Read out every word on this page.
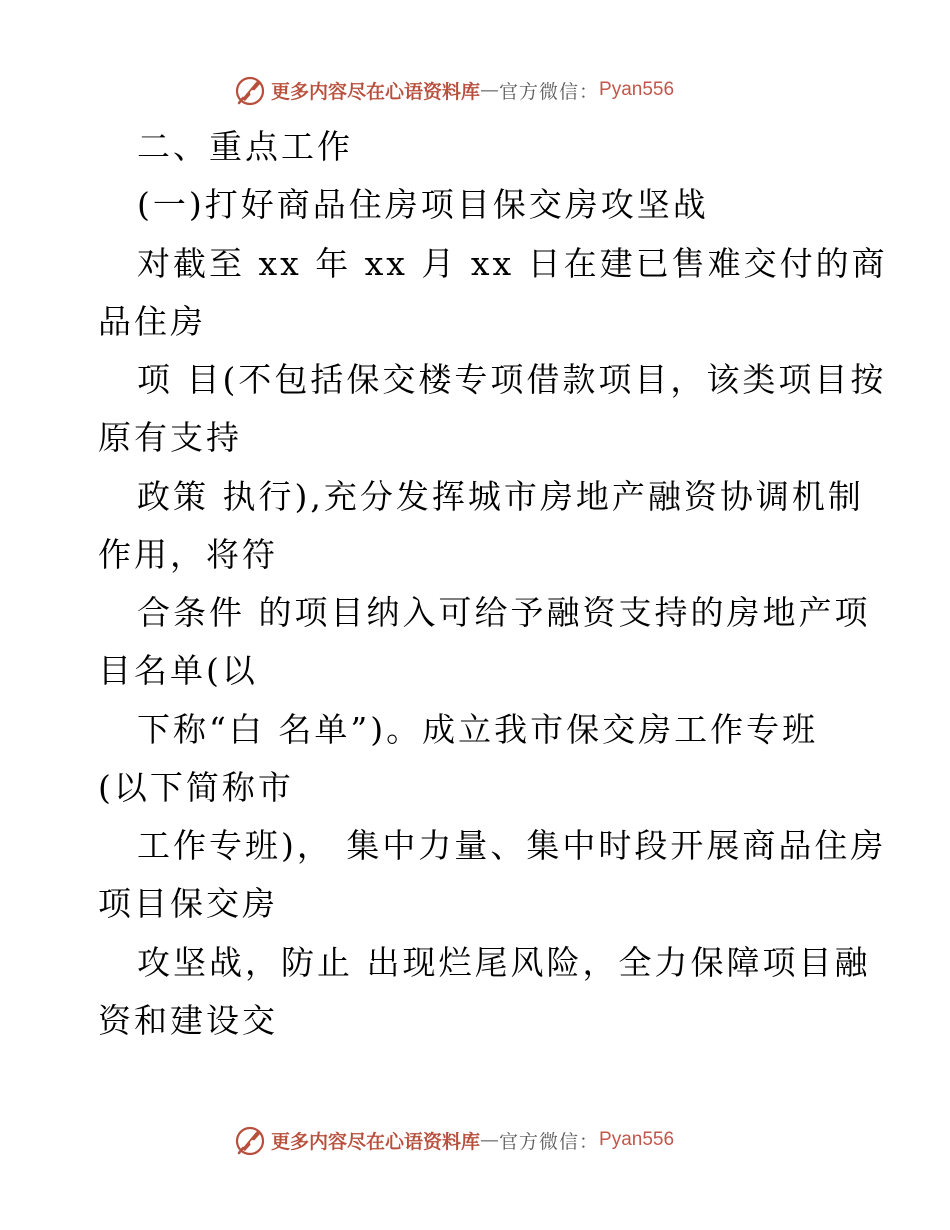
更多内容尽在心语资料库 — 官方微信： Pyan556
二、重点工作
(一)打好商品住房项目保交房攻坚战
对截至 xx 年 xx 月 xx 日在建已售难交付的商
品住房
项 目(不包括保交楼专项借款项目，该类项目按
原有支持
政策 执行),充分发挥城市房地产融资协调机制
作用，将符
合条件 的项目纳入可给予融资支持的房地产项
目名单(以
下称“白 名单”)。成立我市保交房工作专班
(以下简称市
工作专班)， 集中力量、集中时段开展商品住房
项目保交房
攻坚战，防止 出现烂尾风险，全力保障项目融
资和建设交
更多内容尽在心语资料库 — 官方微信： Pyan556
